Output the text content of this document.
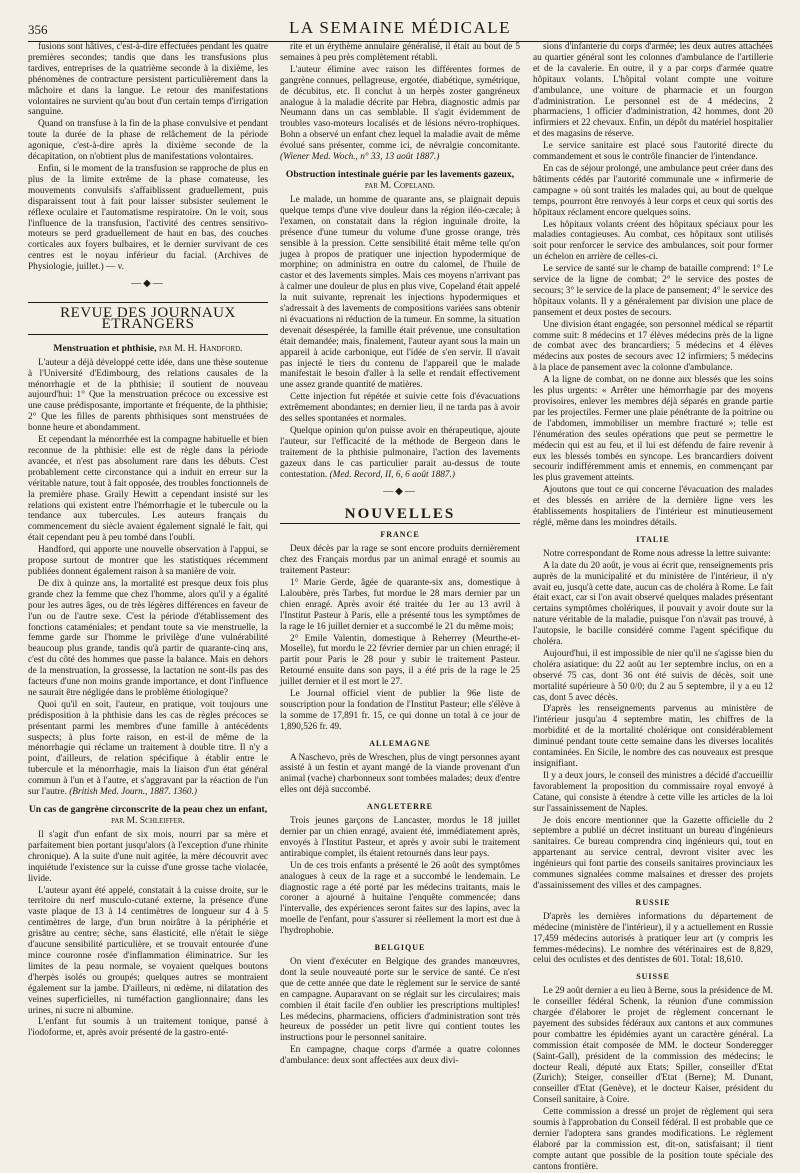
356	LA SEMAINE MÉDICALE

fusions sont hâtives, c'est-à-dire effectuées pendant les quatre premières secondes; tandis que dans les transfusions plus tardives, entreprises de la quatrième seconde à la dixième, les phénomènes de contracture persistent particulièrement dans la mâchoire et dans la langue. Le retour des manifestations volontaires ne survient qu'au bout d'un certain temps d'irrigation sanguine.

Quand on transfuse à la fin de la phase convulsive et pendant toute la durée de la phase de relâchement de la période agonique, c'est-à-dire après la dixième seconde de la décapitation, on n'obtient plus de manifestations volontaires.

Enfin, si le moment de la transfusion se rapproche de plus en plus de la limite extrême de la phase comateuse, les mouvements convulsifs s'affaiblissent graduellement, puis disparaissent tout à fait pour laisser subsister seulement le réflexe oculaire et l'automatisme respiratoire. On le voit, sous l'influence de la transfusion, l'activité des centres sensitivo-moteurs se perd graduellement de haut en bas, des couches corticales aux foyers bulbaires, et le dernier survivant de ces centres est le noyau inférieur du facial. (Archives de Physiologie, juillet.) — v.

—◆—
REVUE DES JOURNAUX ÉTRANGERS
Menstruation et phthisie, par M. H. Handford.

L'auteur a déjà développé cette idée, dans une thèse soutenue à l'Université d'Edimbourg, des relations causales de la ménorrhagie et de la phthisie; il soutient de nouveau aujourd'hui: 1° Que la menstruation précoce ou excessive est une cause prédisposante, importante et fréquente, de la phthisie; 2° Que les filles de parents phthisiques sont menstruées de bonne heure et abondamment.

Et cependant la ménorrhée est la compagne habituelle et bien reconnue de la phthisie: elle est de règle dans la période avancée, et n'est pas absolument rare dans les débuts. C'est probablement cette circonstance qui a induit en erreur sur la véritable nature, tout à fait opposée, des troubles fonctionnels de la première phase. Graily Hewitt a cependant insisté sur les relations qui existent entre l'hémorrhagie et le tubercule ou la tendance aux tubercules. Les auteurs français du commencement du siècle avaient également signalé le fait, qui était cependant peu à peu tombé dans l'oubli.

Handford, qui apporte une nouvelle observation à l'appui, se propose surtout de montrer que les statistiques récemment publiées donnent également raison à sa manière de voir.

De dix à quinze ans, la mortalité est presque deux fois plus grande chez la femme que chez l'homme, alors qu'il y a égalité pour les autres âges, ou de très légères différences en faveur de l'un ou de l'autre sexe. C'est la période d'établissement des fonctions cataméniales; et pendant toute sa vie menstruelle, la femme garde sur l'homme le privilège d'une vulnérabilité beaucoup plus grande, tandis qu'à partir de quarante-cinq ans, c'est du côté des hommes que passe la balance. Mais en dehors de la menstruation, la grossesse, la lactation ne sont-ils pas des facteurs d'une non moins grande importance, et dont l'influence ne saurait être négligée dans le problème étiologique?

Quoi qu'il en soit, l'auteur, en pratique, voit toujours une prédisposition à la phthisie dans les cas de règles précoces se présentant parmi les membres d'une famille à antécédents suspects; à plus forte raison, en est-il de même de la ménorrhagie qui réclame un traitement à double titre. Il n'y a point, d'ailleurs, de relation spécifique à établir entre le tubercule et la ménorrhagie, mais la liaison d'un état général commun à l'un et à l'autre, et s'aggravant par la réaction de l'un sur l'autre. (British Med. Journ., 1887. 1360.)

Un cas de gangrène circonscrite de la peau chez un enfant, par M. Schleiffer.

Il s'agit d'un enfant de six mois, nourri par sa mère et parfaitement bien portant jusqu'alors (à l'exception d'une rhinite chronique). A la suite d'une nuit agitée, la mère découvrit avec inquiétude l'existence sur la cuisse d'une grosse tache violacée, livide.

L'auteur ayant été appelé, constatait à la cuisse droite, sur le territoire du nerf musculo-cutané externe, la présence d'une vaste plaque de 13 à 14 centimètres de longueur sur 4 à 5 centimètres de large, d'un brun noirâtre à la périphérie et grisâtre au centre; sèche, sans élasticité, elle n'était le siège d'aucune sensibilité particulière, et se trouvait entourée d'une mince couronne rosée d'inflammation éliminatrice. Sur les limites de la peau normale, se voyaient quelques boutons d'herpès isolés ou groupés; quelques autres se montraient également sur la jambe. D'ailleurs, ni œdème, ni dilatation des veines superficielles, ni tuméfaction ganglionnaire; dans les urines, ni sucre ni albumine.

L'enfant fut soumis à un traitement tonique, pansé à l'iodoforme, et, après avoir présenté de la gastro-enté-

rite et un érythème annulaire généralisé, il était au bout de 5 semaines à peu près complètement rétabli.

L'auteur élimine avec raison les différentes formes de gangrène connues, pellagreuse, ergotée, diabétique, symétrique, de décubitus, etc. Il conclut à un herpès zoster gangréneux analogue à la maladie décrite par Hebra, diagnostic admis par Neumann dans un cas semblable. Il s'agit évidemment de troubles vaso-moteurs localisés et de lésions névro-trophiques. Bohn a observé un enfant chez lequel la maladie avait de même évolué sans présenter, comme ici, de névralgie concomitante. (Wiener Med. Woch., n° 33, 13 août 1887.)

Obstruction intestinale guérie par les lavements gazeux, par M. Copeland.

Le malade, un homme de quarante ans, se plaignait depuis quelque temps d'une vive douleur dans la région iléo-cæcale; à l'examen, on constatait dans la région inguinale droite, la présence d'une tumeur du volume d'une grosse orange, très sensible à la pression. Cette sensibilité était même telle qu'on jugea à propos de pratiquer une injection hypodermique de morphine; on administra en outre du calomel, de l'huile de castor et des lavements simples. Mais ces moyens n'arrivant pas à calmer une douleur de plus en plus vive, Copeland était appelé la nuit suivante, reprenait les injections hypodermiques et s'adressait à des lavements de compositions variées sans obtenir ni évacuations ni réduction de la tumeur. En somme, la situation devenait désespérée, la famille était prévenue, une consultation était demandée; mais, finalement, l'auteur ayant sous la main un appareil à acide carbonique, eut l'idée de s'en servir. Il n'avait pas injecté le tiers du contenu de l'appareil que le malade manifestait le besoin d'aller à la selle et rendait effectivement une assez grande quantité de matières.

Cette injection fut répétée et suivie cette fois d'évacuations extrêmement abondantes; en dernier lieu, il ne tarda pas à avoir des selles spontanées et normales.

Quelque opinion qu'on puisse avoir en thérapeutique, ajoute l'auteur, sur l'efficacité de la méthode de Bergeon dans le traitement de la phthisie pulmonaire, l'action des lavements gazeux dans le cas particulier parait au-dessus de toute contestation. (Med. Record, II, 6, 6 août 1887.)

—◆—
NOUVELLES
FRANCE

Deux décès par la rage se sont encore produits dernièrement chez des Français mordus par un animal enragé et soumis au traitement Pasteur:

1° Marie Gerde, âgée de quarante-six ans, domestique à Laloubère, près Tarbes, fut mordue le 28 mars dernier par un chien enragé. Après avoir été traitée du 1er au 13 avril à l'Institut Pasteur à Paris, elle a présenté tous les symptômes de la rage le 16 juillet dernier et a succombé le 21 du même mois;

2° Emile Valentin, domestique à Reherrey (Meurthe-et-Moselle), fut mordu le 22 février dernier par un chien enragé; il partit pour Paris le 28 pour y subir le traitement Pasteur. Retourné ensuite dans son pays, il a été pris de la rage le 25 juillet dernier et il est mort le 27.

Le Journal officiel vient de publier la 96e liste de souscription pour la fondation de l'Institut Pasteur; elle s'élève à la somme de 17,891 fr. 15, ce qui donne un total à ce jour de 1,890,526 fr. 49.

ALLEMAGNE

A Naschevo, près de Wreschen, plus de vingt personnes ayant assisté à un festin et ayant mangé de la viande provenant d'un animal (vache) charbonneux sont tombées malades; deux d'entre elles ont déjà succombé.

ANGLETERRE

Trois jeunes garçons de Lancaster, mordus le 18 juillet dernier par un chien enragé, avaient été, immédiatement après, envoyés à l'Institut Pasteur, et après y avoir subi le traitement antirabique complet, ils étaient retournés dans leur pays.

Un de ces trois enfants a présenté le 26 août des symptômes analogues à ceux de la rage et a succombé le lendemain. Le diagnostic rage a été porté par les médecins traitants, mais le coroner a ajourné à huitaine l'enquête commencée; dans l'intervalle, des expériences seront faites sur des lapins, avec la moelle de l'enfant, pour s'assurer si réellement la mort est due à l'hydrophobie.

BELGIQUE

On vient d'exécuter en Belgique des grandes manœuvres, dont la seule nouveauté porte sur le service de santé. Ce n'est que de cette année que date le règlement sur le service de santé en campagne. Auparavant on se réglait sur les circulaires; mais combien il était facile d'en oublier les prescriptions multiples! Les médecins, pharmaciens, officiers d'administration sont très heureux de posséder un petit livre qui contient toutes les instructions pour le personnel sanitaire.

En campagne, chaque corps d'armée a quatre colonnes d'ambulance: deux sont affectées aux deux divi-

sions d'infanterie du corps d'armée; les deux autres attachées au quartier général sont les colonnes d'ambulance de l'artillerie et de la cavalerie. En outre, il y a par corps d'armée quatre hôpitaux volants. L'hôpital volant compte une voiture d'ambulance, une voiture de pharmacie et un fourgon d'administration. Le personnel est de 4 médecins, 2 pharmaciens, 1 officier d'administration, 42 hommes, dont 20 infirmiers et 22 chevaux. Enfin, un dépôt du matériel hospitalier et des magasins de réserve.

Le service sanitaire est placé sous l'autorité directe du commandement et sous le contrôle financier de l'intendance.

En cas de séjour prolongé, une ambulance peut créer dans des bâtiments cédés par l'autorité communale une « infirmerie de campagne » où sont traités les malades qui, au bout de quelque temps, pourront être renvoyés à leur corps et ceux qui sortis des hôpitaux réclament encore quelques soins.

Les hôpitaux volants créent des hôpitaux spéciaux pour les maladies contagieuses. Au combat, ces hôpitaux sont utilisés soit pour renforcer le service des ambulances, soit pour former un échelon en arrière de celles-ci.

Le service de santé sur le champ de bataille comprend: 1° Le service de la ligne de combat; 2° le service des postes de secours; 3° le service de la place de pansement; 4° le service des hôpitaux volants. Il y a généralement par division une place de pansement et deux postes de secours.

Une division étant engagée, son personnel médical se répartit comme suit: 8 médecins et 17 élèves médecins près de la ligne de combat avec des brancardiers; 5 médecins et 4 élèves médecins aux postes de secours avec 12 infirmiers; 5 médecins à la place de pansement avec la colonne d'ambulance.

A la ligne de combat, on ne donne aux blessés que les soins les plus urgents: « Arrêter une hémorrhagie par des moyens provisoires, enlever les membres déjà séparés en grande partie par les projectiles. Fermer une plaie pénétrante de la poitrine ou de l'abdomen, immobiliser un membre fracturé »; telle est l'énumération des seules opérations que peut se permettre le médecin qui est au feu, et il lui est défendu de faire revenir à eux les blessés tombés en syncope. Les brancardiers doivent secourir indifféremment amis et ennemis, en commençant par les plus gravement atteints.

Ajoutons que tout ce qui concerne l'évacuation des malades et des blessés en arrière de la dernière ligne vers les établissements hospitaliers de l'intérieur est minutieusement réglé, même dans les moindres détails.

ITALIE

Notre correspondant de Rome nous adresse la lettre suivante:

A la date du 20 août, je vous ai écrit que, renseignements pris auprès de la municipalité et du ministère de l'intérieur, il n'y avait eu, jusqu'à cette date, aucun cas de choléra à Rome. Le fait était exact, car si l'on avait observé quelques malades présentant certains symptômes cholériques, il pouvait y avoir doute sur la nature véritable de la maladie, puisque l'on n'avait pas trouvé, à l'autopsie, le bacille considéré comme l'agent spécifique du choléra.

Aujourd'hui, il est impossible de nier qu'il ne s'agisse bien du choléra asiatique: du 22 août au 1er septembre inclus, on en a observé 75 cas, dont 36 ont été suivis de décès, soit une mortalité supérieure à 50 0/0; du 2 au 5 septembre, il y a eu 12 cas, dont 5 avec décès.

D'après les renseignements parvenus au ministère de l'intérieur jusqu'au 4 septembre matin, les chiffres de la morbidité et de la mortalité cholérique ont considérablement diminué pendant toute cette semaine dans les diverses localités contaminées. En Sicile, le nombre des cas nouveaux est presque insignifiant.

Il y a deux jours, le conseil des ministres a décidé d'accueillir favorablement la proposition du commissaire royal envoyé à Catane, qui consiste à étendre à cette ville les articles de la loi sur l'assainissement de Naples.

Je dois encore mentionner que la Gazette officielle du 2 septembre a publié un décret instituant un bureau d'ingénieurs sanitaires. Ce bureau comprendra cinq ingénieurs qui, tout en appartenant au service central, devront visiter avec les ingénieurs qui font partie des conseils sanitaires provinciaux les communes signalées comme malsaines et dresser des projets d'assainissement des villes et des campagnes.

RUSSIE

D'après les dernières informations du département de médecine (ministère de l'intérieur), il y a actuellement en Russie 17,459 médecins autorisés à pratiquer leur art (y compris les femmes-médecins). Le nombre des vétérinaires est de 8,829, celui des oculistes et des dentistes de 601. Total: 18,610.

SUISSE

Le 29 août dernier a eu lieu à Berne, sous la présidence de M. le conseiller fédéral Schenk, la réunion d'une commission chargée d'élaborer le projet de règlement concernant le payement des subsides fédéraux aux cantons et aux communes pour combattre les épidémies ayant un caractère général. La commission était composée de MM. le docteur Sonderegger (Saint-Gall), président de la commission des médecins; le docteur Reali, député aux Etats; Spiller, conseiller d'Etat (Zurich); Steiger, conseiller d'Etat (Berne); M. Dunant, conseiller d'Etat (Genève), et le docteur Kaiser, président du Conseil sanitaire, à Coire.

Cette commission a dressé un projet de règlement qui sera soumis à l'approbation du Conseil fédéral. Il est probable que ce dernier l'adoptera sans grandes modifications. Le règlement élaboré par la commission est, dit-on, satisfaisant; il tient compte autant que possible de la position toute spéciale des cantons frontière.
